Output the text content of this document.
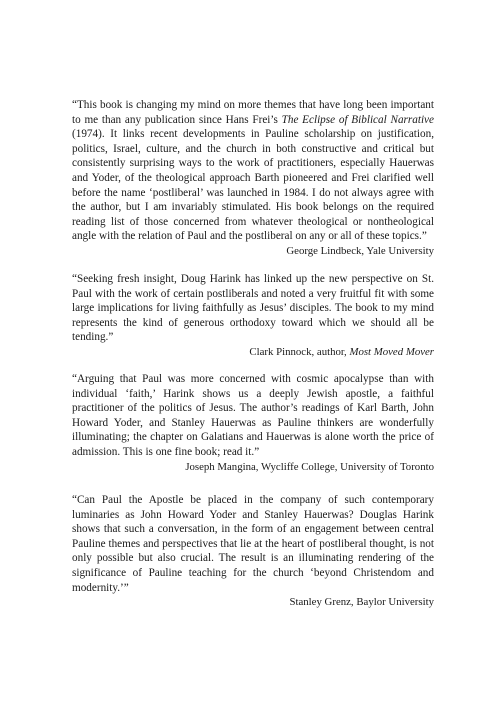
“This book is changing my mind on more themes that have long been important to me than any publication since Hans Frei’s The Eclipse of Biblical Narrative (1974). It links recent developments in Pauline scholarship on justification, politics, Israel, culture, and the church in both constructive and critical but consistently surprising ways to the work of practitioners, especially Hauerwas and Yoder, of the theological approach Barth pioneered and Frei clarified well before the name ‘postliberal’ was launched in 1984. I do not always agree with the author, but I am invariably stimulated. His book belongs on the required reading list of those concerned from whatever theological or nontheological angle with the relation of Paul and the postliberal on any or all of these topics.”

George Lindbeck, Yale University

“Seeking fresh insight, Doug Harink has linked up the new perspective on St. Paul with the work of certain postliberals and noted a very fruitful fit with some large implications for living faithfully as Jesus’ disciples. The book to my mind represents the kind of generous orthodoxy toward which we should all be tending.”

Clark Pinnock, author, Most Moved Mover

“Arguing that Paul was more concerned with cosmic apocalypse than with individual ‘faith,’ Harink shows us a deeply Jewish apostle, a faithful practitioner of the politics of Jesus. The author’s readings of Karl Barth, John Howard Yoder, and Stanley Hauerwas as Pauline thinkers are wonderfully illuminating; the chapter on Galatians and Hauerwas is alone worth the price of admission. This is one fine book; read it.”

Joseph Mangina, Wycliffe College, University of Toronto

“Can Paul the Apostle be placed in the company of such contemporary luminaries as John Howard Yoder and Stanley Hauerwas? Douglas Harink shows that such a conversation, in the form of an engagement between central Pauline themes and perspectives that lie at the heart of postliberal thought, is not only possible but also crucial. The result is an illuminating rendering of the significance of Pauline teaching for the church ‘beyond Christendom and modernity.’”

Stanley Grenz, Baylor University
